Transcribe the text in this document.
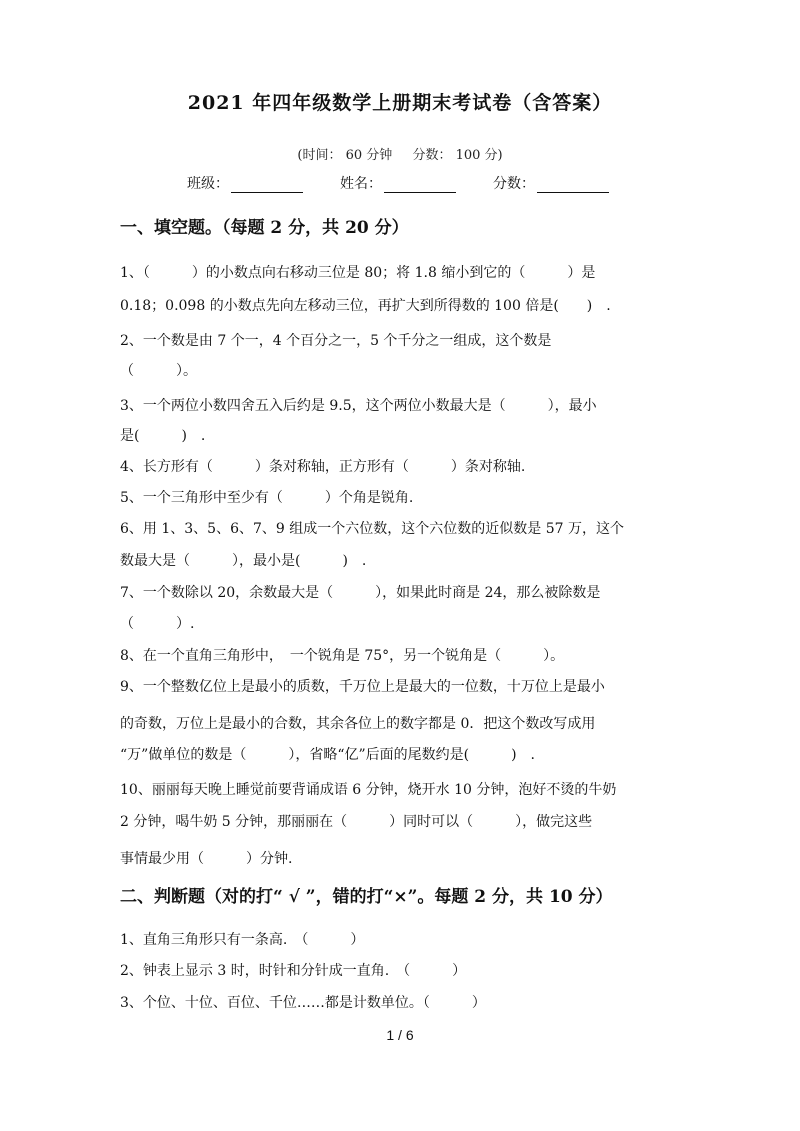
2021 年四年级数学上册期末考试卷（含答案）
(时间： 60 分钟 分数： 100 分)
班级：	姓名：	分数：
一、填空题。（每题 2 分，共 20 分）
1、（　　　）的小数点向右移动三位是 80；将 1.8 缩小到它的（　　　）是
0.18；0.098 的小数点先向左移动三位，再扩大到所得数的 100 倍是(　　)　.
2、一个数是由 7 个一，4 个百分之一，5 个千分之一组成，这个数是
（　　　）。
3、一个两位小数四舍五入后约是 9.5，这个两位小数最大是（　　　），最小
是(　　　)　.
4、长方形有（　　　）条对称轴，正方形有（　　　）条对称轴.
5、一个三角形中至少有（　　　）个角是锐角.
6、用 1、3、5、6、7、9 组成一个六位数，这个六位数的近似数是 57 万，这个
数最大是（　　　），最小是(　　　)　.
7、一个数除以 20，余数最大是（　　　），如果此时商是 24，那么被除数是
（　　　）.
8、在一个直角三角形中，　一个锐角是 75°，另一个锐角是（　　　）。
9、一个整数亿位上是最小的质数，千万位上是最大的一位数，十万位上是最小
的奇数，万位上是最小的合数，其余各位上的数字都是 0．把这个数改写成用
“万”做单位的数是（　　　），省略“亿”后面的尾数约是(　　　)　.
10、丽丽每天晚上睡觉前要背诵成语 6 分钟，烧开水 10 分钟，泡好不烫的牛奶
2 分钟，喝牛奶 5 分钟，那丽丽在（　　　）同时可以（　　　），做完这些
事情最少用（　　　）分钟.
二、判断题（对的打“ √ ”，错的打“×”。每题 2 分，共 10 分）
1、直角三角形只有一条高.　（　　　）
2、钟表上显示 3 时，时针和分针成一直角.　（　　　）
3、个位、十位、百位、千位……都是计数单位。（　　　）
1 / 6
